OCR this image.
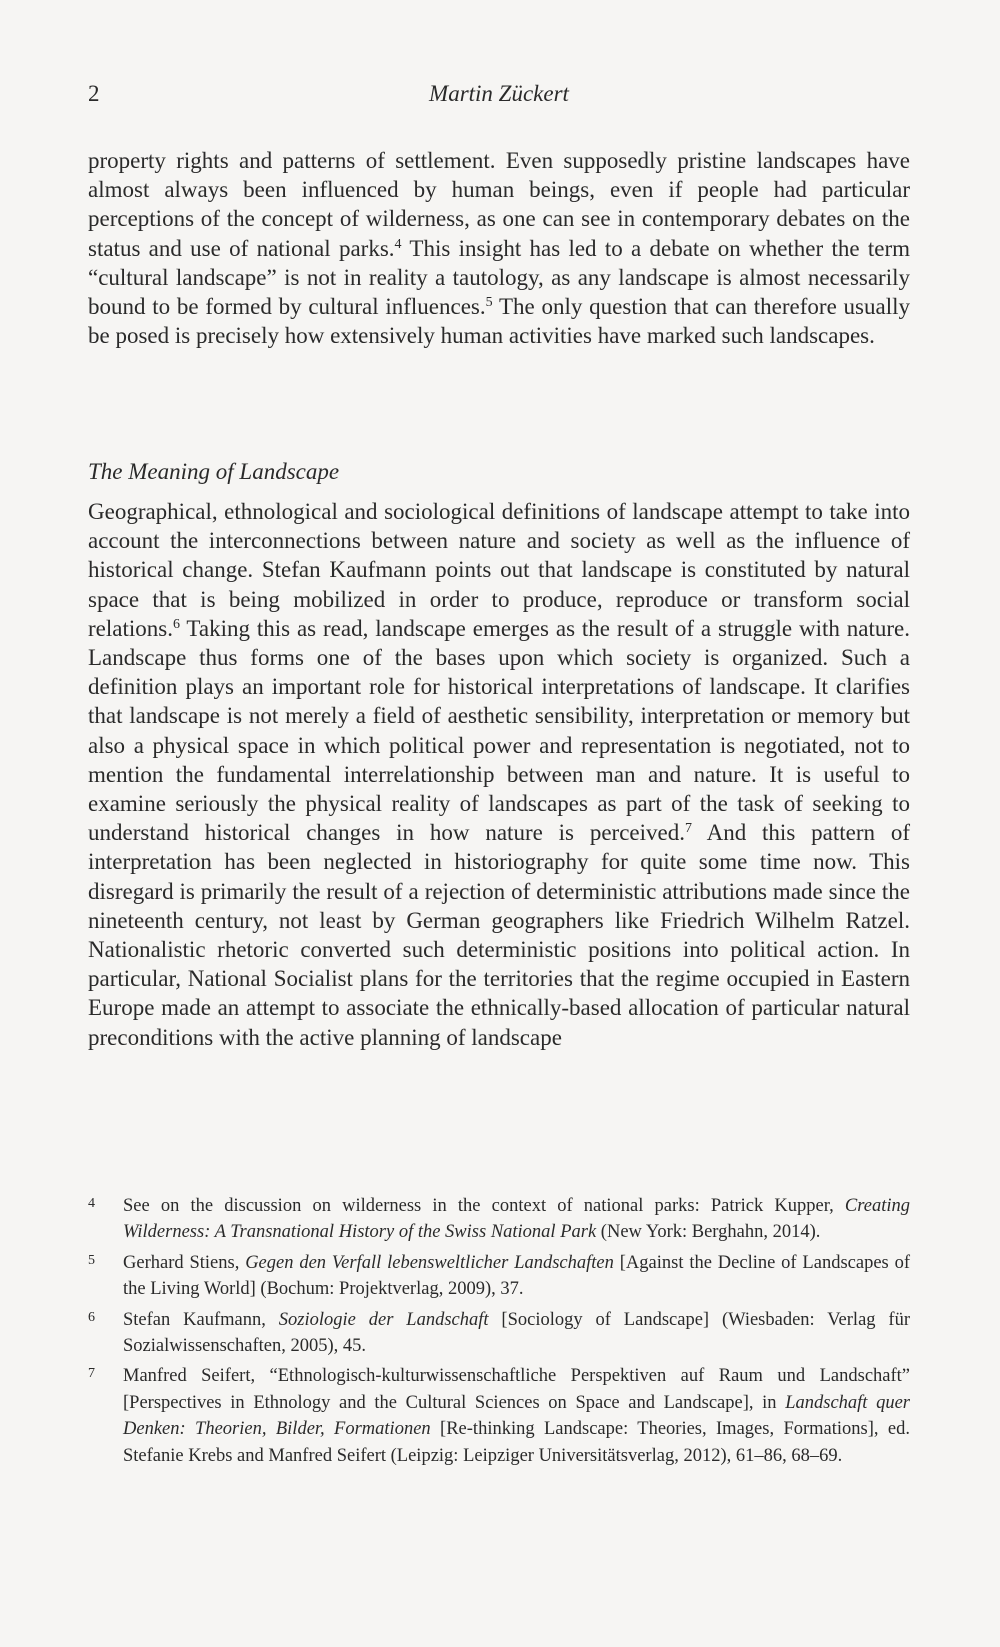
2	Martin Zückert

property rights and patterns of settlement. Even supposedly pristine landscapes have almost always been influenced by human beings, even if people had particular perceptions of the concept of wilderness, as one can see in contemporary debates on the status and use of national parks.$^4$ This insight has led to a debate on whether the term “cultural landscape” is not in reality a tautology, as any landscape is almost necessarily bound to be formed by cultural influences.$^5$ The only question that can therefore usually be posed is precisely how extensively human activities have marked such landscapes.

The Meaning of Landscape

Geographical, ethnological and sociological definitions of landscape attempt to take into account the interconnections between nature and society as well as the influence of historical change. Stefan Kaufmann points out that landscape is constituted by natural space that is being mobilized in order to produce, reproduce or transform social relations.$^6$ Taking this as read, landscape emerges as the result of a struggle with nature. Landscape thus forms one of the bases upon which society is organized. Such a definition plays an important role for historical interpretations of landscape. It clarifies that landscape is not merely a field of aesthetic sensibility, interpretation or memory but also a physical space in which political power and representation is negotiated, not to mention the fundamental interrelationship between man and nature. It is useful to examine seriously the physical reality of landscapes as part of the task of seeking to understand historical changes in how nature is perceived.$^7$ And this pattern of interpretation has been neglected in historiography for quite some time now. This disregard is primarily the result of a rejection of deterministic attributions made since the nineteenth century, not least by German geographers like Friedrich Wilhelm Ratzel. Nationalistic rhetoric converted such deterministic positions into political action. In particular, National Socialist plans for the territories that the regime occupied in Eastern Europe made an attempt to associate the ethnically-based allocation of particular natural preconditions with the active planning of landscape

4 See on the discussion on wilderness in the context of national parks: Patrick Kupper, Creating Wilderness: A Transnational History of the Swiss National Park (New York: Berghahn, 2014).
5 Gerhard Stiens, Gegen den Verfall lebensweltlicher Landschaften [Against the Decline of Landscapes of the Living World] (Bochum: Projektverlag, 2009), 37.
6 Stefan Kaufmann, Soziologie der Landschaft [Sociology of Landscape] (Wiesbaden: Verlag für Sozialwissenschaften, 2005), 45.
7 Manfred Seifert, “Ethnologisch-kulturwissenschaftliche Perspektiven auf Raum und Landschaft” [Perspectives in Ethnology and the Cultural Sciences on Space and Landscape], in Landschaft quer Denken: Theorien, Bilder, Formationen [Re-thinking Landscape: Theories, Images, Formations], ed. Stefanie Krebs and Manfred Seifert (Leipzig: Leipziger Universitätsverlag, 2012), 61–86, 68–69.
